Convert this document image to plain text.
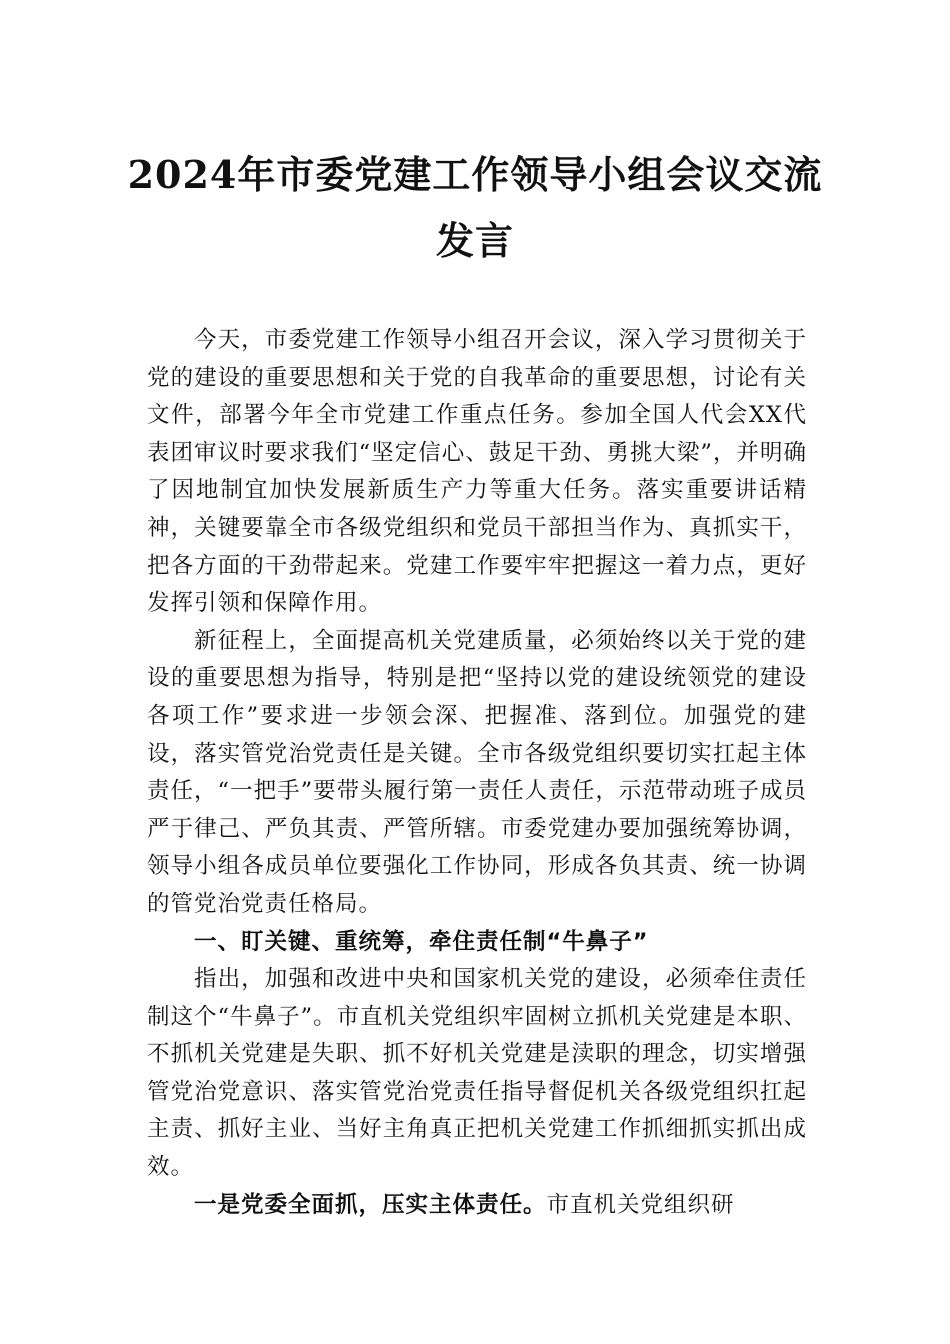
2024年市委党建工作领导小组会议交流发言

今天，市委党建工作领导小组召开会议，深入学习贯彻关于党的建设的重要思想和关于党的自我革命的重要思想，讨论有关文件，部署今年全市党建工作重点任务。参加全国人代会XX代表团审议时要求我们“坚定信心、鼓足干劲、勇挑大梁”，并明确了因地制宜加快发展新质生产力等重大任务。落实重要讲话精神，关键要靠全市各级党组织和党员干部担当作为、真抓实干，把各方面的干劲带起来。党建工作要牢牢把握这一着力点，更好发挥引领和保障作用。

新征程上，全面提高机关党建质量，必须始终以关于党的建设的重要思想为指导，特别是把“坚持以党的建设统领党的建设各项工作”要求进一步领会深、把握准、落到位。加强党的建设，落实管党治党责任是关键。全市各级党组织要切实扛起主体责任，“一把手”要带头履行第一责任人责任，示范带动班子成员严于律己、严负其责、严管所辖。市委党建办要加强统筹协调，领导小组各成员单位要强化工作协同，形成各负其责、统一协调的管党治党责任格局。

一、盯关键、重统筹，牵住责任制“牛鼻子”

指出，加强和改进中央和国家机关党的建设，必须牵住责任制这个“牛鼻子”。市直机关党组织牢固树立抓机关党建是本职、不抓机关党建是失职、抓不好机关党建是渎职的理念，切实增强管党治党意识、落实管党治党责任指导督促机关各级党组织扛起主责、抓好主业、当好主角真正把机关党建工作抓细抓实抓出成效。

一是党委全面抓，压实主体责任。市直机关党组织研
